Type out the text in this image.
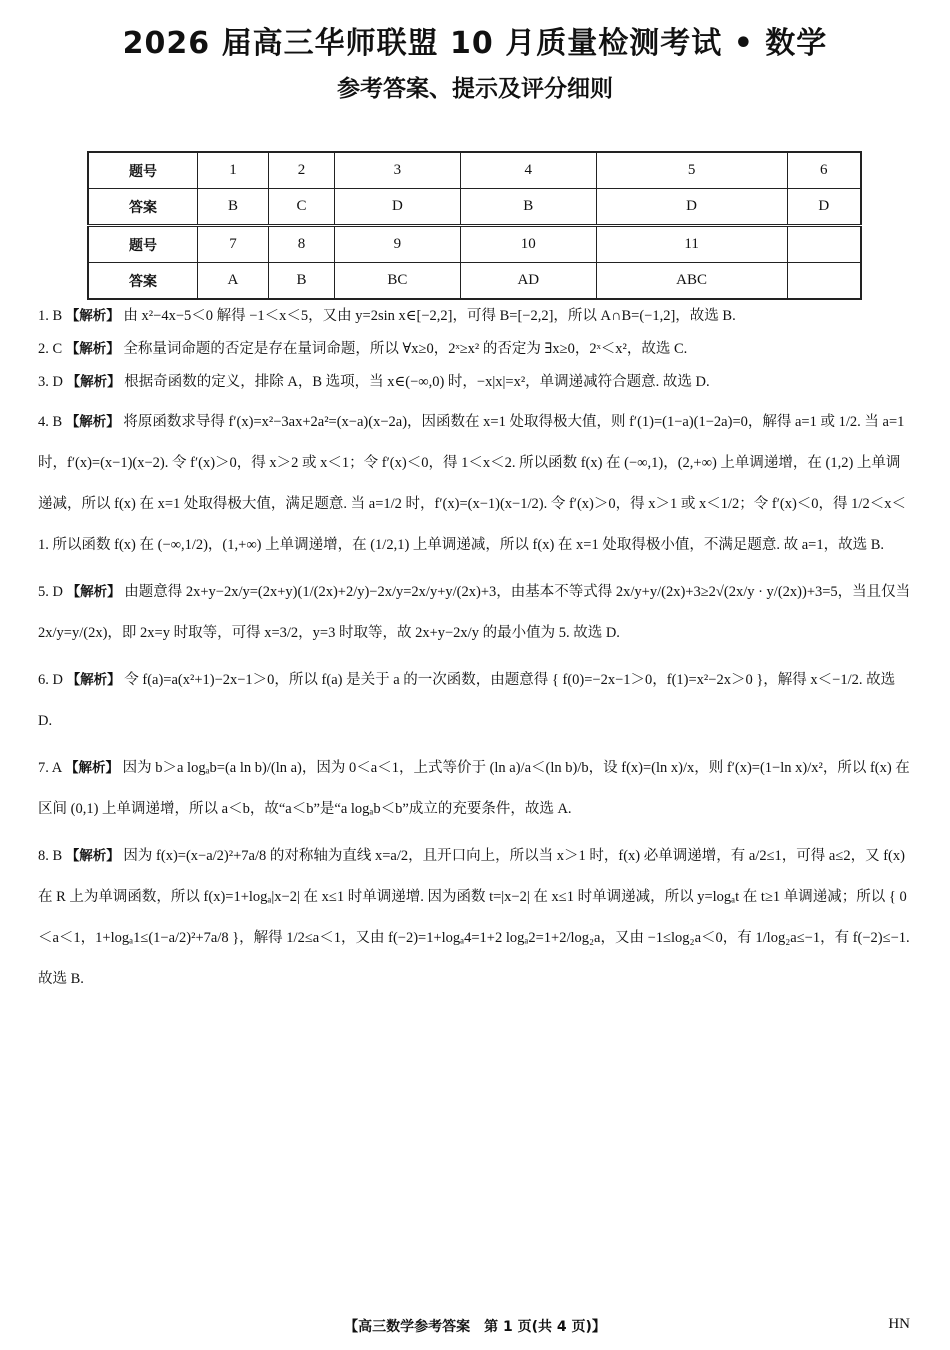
2026 届高三华师联盟 10 月质量检测考试 • 数学
参考答案、提示及评分细则
题号	1	2	3	4	5	6
答案	B	C	D	B	D	D
题号	7	8	9	10	11	
答案	A	B	BC	AD	ABC	

1. B 【解析】 由 x²−4x−5＜0 解得 −1＜x＜5，又由 y=2sin x∈[−2,2]，可得 B=[−2,2]，所以 A∩B=(−1,2]，故选 B.

2. C 【解析】 全称量词命题的否定是存在量词命题，所以 ∀x≥0，2ˣ≥x² 的否定为 ∃x≥0，2ˣ＜x²，故选 C.

3. D 【解析】 根据奇函数的定义，排除 A，B 选项，当 x∈(−∞,0) 时，−x|x|=x²，单调递减符合题意. 故选 D.

4. B 【解析】 将原函数求导得 f′(x)=x²−3ax+2a²=(x−a)(x−2a)，因函数在 x=1 处取得极大值，则 f′(1)=(1−a)(1−2a)=0，解得 a=1 或 1/2. 当 a=1 时，f′(x)=(x−1)(x−2). 令 f′(x)＞0，得 x＞2 或 x＜1；令 f′(x)＜0，得 1＜x＜2. 所以函数 f(x) 在 (−∞,1)，(2,+∞) 上单调递增，在 (1,2) 上单调递减，所以 f(x) 在 x=1 处取得极大值，满足题意. 当 a=1/2 时，f′(x)=(x−1)(x−1/2). 令 f′(x)＞0，得 x＞1 或 x＜1/2；令 f′(x)＜0，得 1/2＜x＜1. 所以函数 f(x) 在 (−∞,1/2)，(1,+∞) 上单调递增，在 (1/2,1) 上单调递减，所以 f(x) 在 x=1 处取得极小值，不满足题意. 故 a=1，故选 B.

5. D 【解析】 由题意得 2x+y−2x/y=(2x+y)(1/(2x)+2/y)−2x/y=2x/y+y/(2x)+3，由基本不等式得 2x/y+y/(2x)+3≥2√(2x/y · y/(2x))+3=5，当且仅当 2x/y=y/(2x)，即 2x=y 时取等，可得 x=3/2，y=3 时取等，故 2x+y−2x/y 的最小值为 5. 故选 D.

6. D 【解析】 令 f(a)=a(x²+1)−2x−1＞0，所以 f(a) 是关于 a 的一次函数，由题意得 { f(0)=−2x−1＞0，f(1)=x²−2x＞0 }，解得 x＜−1/2. 故选 D.

7. A 【解析】 因为 b＞a logₐb=(a ln b)/(ln a)，因为 0＜a＜1，上式等价于 (ln a)/a＜(ln b)/b，设 f(x)=(ln x)/x，则 f′(x)=(1−ln x)/x²，所以 f(x) 在区间 (0,1) 上单调递增，所以 a＜b，故“a＜b”是“a logₐb＜b”成立的充要条件，故选 A.

8. B 【解析】 因为 f(x)=(x−a/2)²+7a/8 的对称轴为直线 x=a/2，且开口向上，所以当 x＞1 时，f(x) 必单调递增，有 a/2≤1，可得 a≤2，又 f(x) 在 R 上为单调函数，所以 f(x)=1+logₐ|x−2| 在 x≤1 时单调递增. 因为函数 t=|x−2| 在 x≤1 时单调递减，所以 y=logₐt 在 t≥1 单调递减；所以 { 0＜a＜1，1+logₐ1≤(1−a/2)²+7a/8 }，解得 1/2≤a＜1，又由 f(−2)=1+logₐ4=1+2 logₐ2=1+2/log₂a，又由 −1≤log₂a＜0，有 1/log₂a≤−1，有 f(−2)≤−1. 故选 B.

【高三数学参考答案　第 1 页(共 4 页)】	HN
